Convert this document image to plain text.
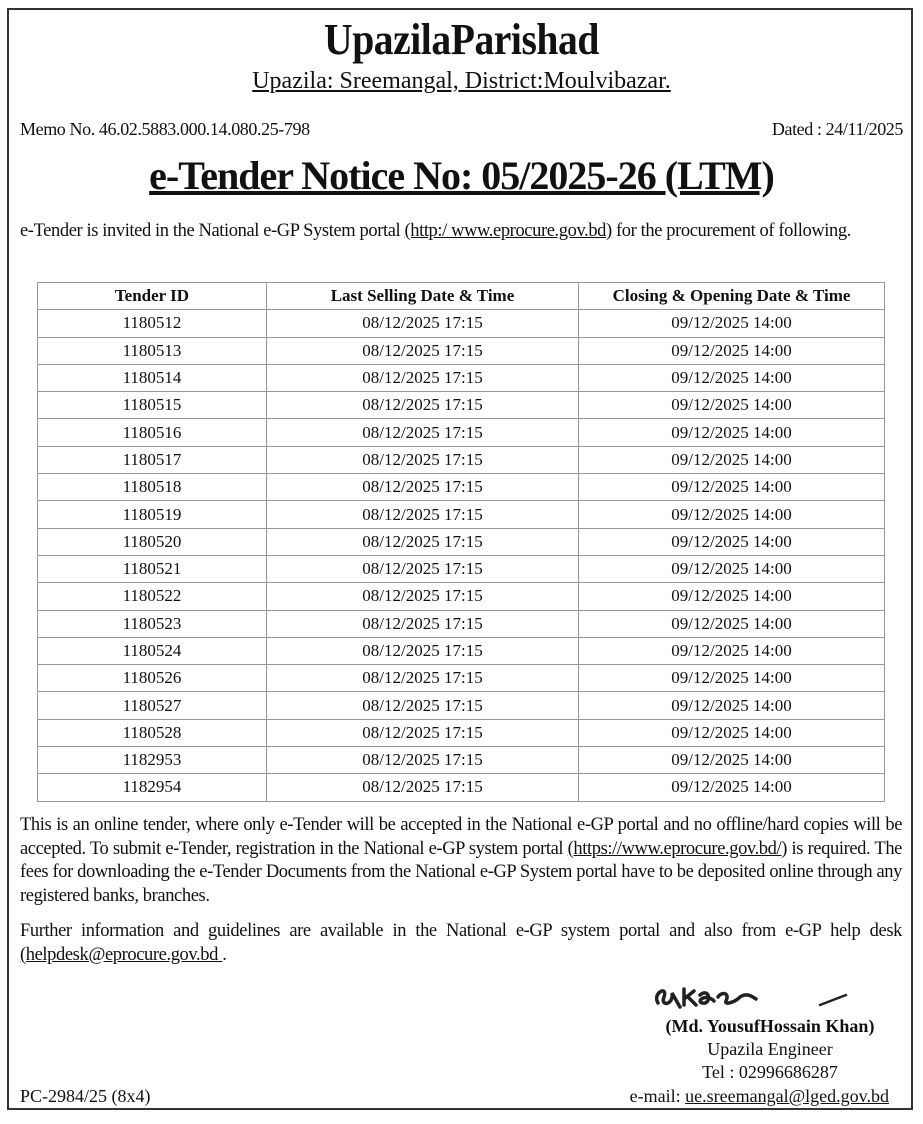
UpazilaParishad
Upazila: Sreemangal, District:Moulvibazar.
Memo No. 46.02.5883.000.14.080.25-798	Dated : 24/11/2025
e-Tender Notice No: 05/2025-26 (LTM)
e-Tender is invited in the National e-GP System portal (http:/ www.eprocure.gov.bd) for the procurement of following.
Tender ID	Last Selling Date & Time	Closing & Opening Date & Time
1180512	08/12/2025 17:15	09/12/2025 14:00
1180513	08/12/2025 17:15	09/12/2025 14:00
1180514	08/12/2025 17:15	09/12/2025 14:00
1180515	08/12/2025 17:15	09/12/2025 14:00
1180516	08/12/2025 17:15	09/12/2025 14:00
1180517	08/12/2025 17:15	09/12/2025 14:00
1180518	08/12/2025 17:15	09/12/2025 14:00
1180519	08/12/2025 17:15	09/12/2025 14:00
1180520	08/12/2025 17:15	09/12/2025 14:00
1180521	08/12/2025 17:15	09/12/2025 14:00
1180522	08/12/2025 17:15	09/12/2025 14:00
1180523	08/12/2025 17:15	09/12/2025 14:00
1180524	08/12/2025 17:15	09/12/2025 14:00
1180526	08/12/2025 17:15	09/12/2025 14:00
1180527	08/12/2025 17:15	09/12/2025 14:00
1180528	08/12/2025 17:15	09/12/2025 14:00
1182953	08/12/2025 17:15	09/12/2025 14:00
1182954	08/12/2025 17:15	09/12/2025 14:00
This is an online tender, where only e-Tender will be accepted in the National e-GP portal and no offline/hard copies will be accepted. To submit e-Tender, registration in the National e-GP system portal (https://www.eprocure.gov.bd/) is required. The fees for downloading the e-Tender Documents from the National e-GP System portal have to be deposited online through any registered banks, branches.
Further information and guidelines are available in the National e-GP system portal and also from e-GP help desk (helpdesk@eprocure.gov.bd .
(Md. YousufHossain Khan)
Upazila Engineer
Tel : 02996686287
e-mail: ue.sreemangal@lged.gov.bd
PC-2984/25 (8x4)
